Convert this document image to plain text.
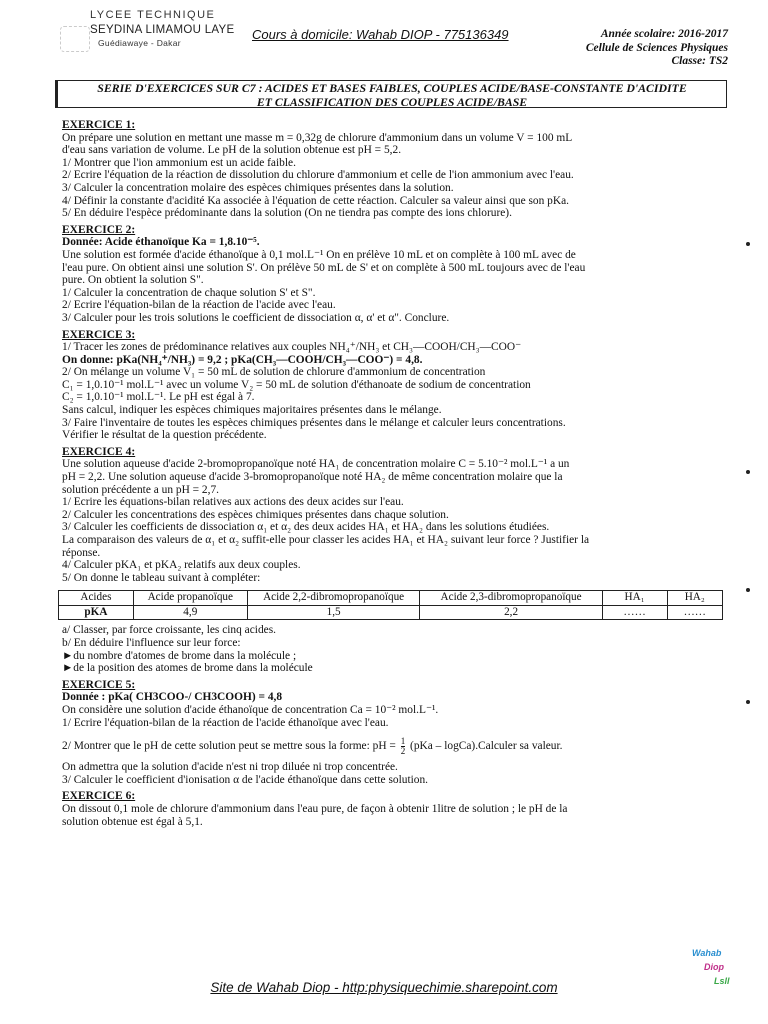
LYCEE TECHNIQUE
SEYDINA LIMAMOU LAYE
Guédiawaye - Dakar
Cours à domicile: Wahab DIOP - 775136349	Année scolaire: 2016-2017
Cellule de Sciences Physiques
Classe: TS2
SERIE D'EXERCICES SUR C7 : ACIDES ET BASES FAIBLES, COUPLES ACIDE/BASE-CONSTANTE D'ACIDITE
ET CLASSIFICATION DES COUPLES ACIDE/BASE
EXERCICE 1:
On prépare une solution en mettant une masse m = 0,32g de chlorure d'ammonium dans un volume V = 100 mL
d'eau sans variation de volume. Le pH de la solution obtenue est pH = 5,2.
1/ Montrer que l'ion ammonium est un acide faible.
2/ Ecrire l'équation de la réaction de dissolution du chlorure d'ammonium et celle de l'ion ammonium avec l'eau.
3/ Calculer la concentration molaire des espèces chimiques présentes dans la solution.
4/ Définir la constante d'acidité Ka associée à l'équation de cette réaction. Calculer sa valeur ainsi que son pKa.
5/ En déduire l'espèce prédominante dans la solution (On ne tiendra pas compte des ions chlorure).
EXERCICE 2:
Donnée: Acide éthanoïque Ka = 1,8.10⁻⁵.
Une solution est formée d'acide éthanoïque à 0,1 mol.L⁻¹ On en prélève 10 mL et on complète à 100 mL avec de
l'eau pure. On obtient ainsi une solution S'. On prélève 50 mL de S' et on complète à 500 mL toujours avec de l'eau
pure. On obtient la solution S".
1/ Calculer la concentration de chaque solution S' et S".
2/ Ecrire l'équation-bilan de la réaction de l'acide avec l'eau.
3/ Calculer pour les trois solutions le coefficient de dissociation α, α' et α". Conclure.
EXERCICE 3:
1/ Tracer les zones de prédominance relatives aux couples NH₄⁺/NH₃ et CH₃—COOH/CH₃—COO⁻
On donne: pKa(NH₄⁺/NH₃) = 9,2 ; pKa(CH₃—COOH/CH₃—COO⁻) = 4,8.
2/ On mélange un volume V₁ = 50 mL de solution de chlorure d'ammonium de concentration
C₁ = 1,0.10⁻¹ mol.L⁻¹ avec un volume V₂ = 50 mL de solution d'éthanoate de sodium de concentration
C₂ = 1,0.10⁻¹ mol.L⁻¹. Le pH est égal à 7.
Sans calcul, indiquer les espèces chimiques majoritaires présentes dans le mélange.
3/ Faire l'inventaire de toutes les espèces chimiques présentes dans le mélange et calculer leurs concentrations.
Vérifier le résultat de la question précédente.
EXERCICE 4:
Une solution aqueuse d'acide 2-bromopropanoïque noté HA₁ de concentration molaire C = 5.10⁻² mol.L⁻¹ a un
pH = 2,2. Une solution aqueuse d'acide 3-bromopropanoïque noté HA₂ de même concentration molaire que la
solution précédente a un pH = 2,7.
1/ Ecrire les équations-bilan relatives aux actions des deux acides sur l'eau.
2/ Calculer les concentrations des espèces chimiques présentes dans chaque solution.
3/ Calculer les coefficients de dissociation α₁ et α₂ des deux acides HA₁ et HA₂ dans les solutions étudiées.
La comparaison des valeurs de α₁ et α₂ suffit-elle pour classer les acides HA₁ et HA₂ suivant leur force ? Justifier la
réponse.
4/ Calculer pKA₁ et pKA₂ relatifs aux deux couples.
5/ On donne le tableau suivant à compléter:
Acides	Acide propanoïque	Acide 2,2-dibromopropanoïque	Acide 2,3-dibromopropanoïque	HA₁	HA₂
pKA	4,9	1,5	2,2	……	……
a/ Classer, par force croissante, les cinq acides.
b/ En déduire l'influence sur leur force:
►du nombre d'atomes de brome dans la molécule ;
►de la position des atomes de brome dans la molécule
EXERCICE 5:
Donnée : pKa( CH3COO-/ CH3COOH) = 4,8
On considère une solution d'acide éthanoïque de concentration Ca = 10⁻² mol.L⁻¹.
1/ Ecrire l'équation-bilan de la réaction de l'acide éthanoïque avec l'eau.
2/ Montrer que le pH de cette solution peut se mettre sous la forme: pH = $\frac{1}{2} (pKa$ – logCa).Calculer sa valeur.
On admettra que la solution d'acide n'est ni trop diluée ni trop concentrée.
3/ Calculer le coefficient d'ionisation α de l'acide éthanoïque dans cette solution.
EXERCICE 6:
On dissout 0,1 mole de chlorure d'ammonium dans l'eau pure, de façon à obtenir 1litre de solution ; le pH de la
solution obtenue est égal à 5,1.
Wahab
Diop
Lsll
Site de Wahab Diop - http:physiquechimie.sharepoint.com
